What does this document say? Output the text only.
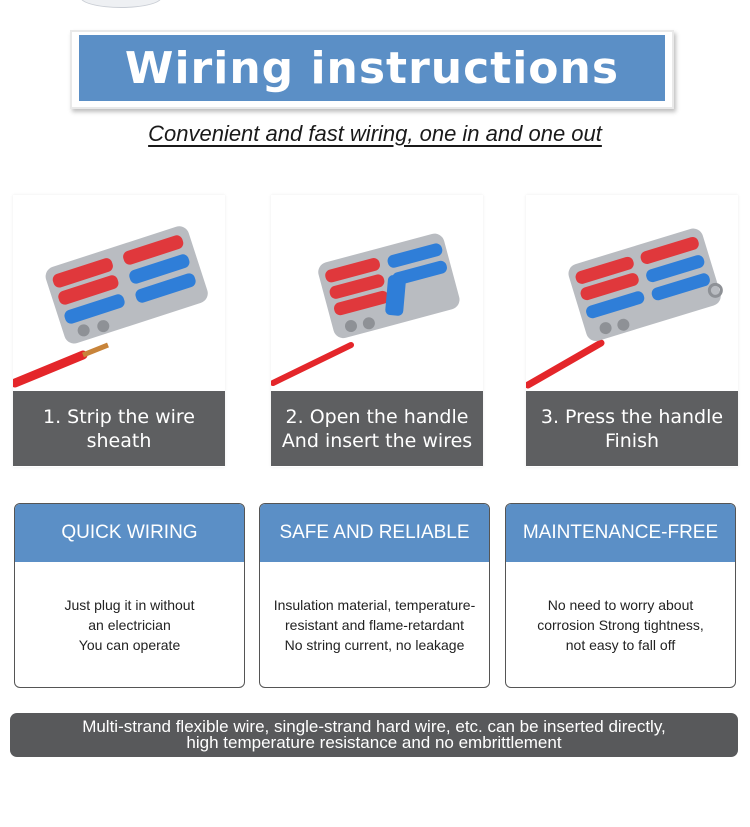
Wiring instructions
Convenient and fast wiring, one in and one out
1. Strip the wire
sheath
2. Open the handle
And insert the wires
3. Press the handle
Finish
QUICK WIRING
Just plug it in without
an electrician
You can operate
SAFE AND RELIABLE
Insulation material, temperature-
resistant and flame-retardant
No string current, no leakage
MAINTENANCE-FREE
No need to worry about
corrosion Strong tightness,
not easy to fall off
Multi-strand flexible wire, single-strand hard wire, etc. can be inserted directly,
high temperature resistance and no embrittlement
